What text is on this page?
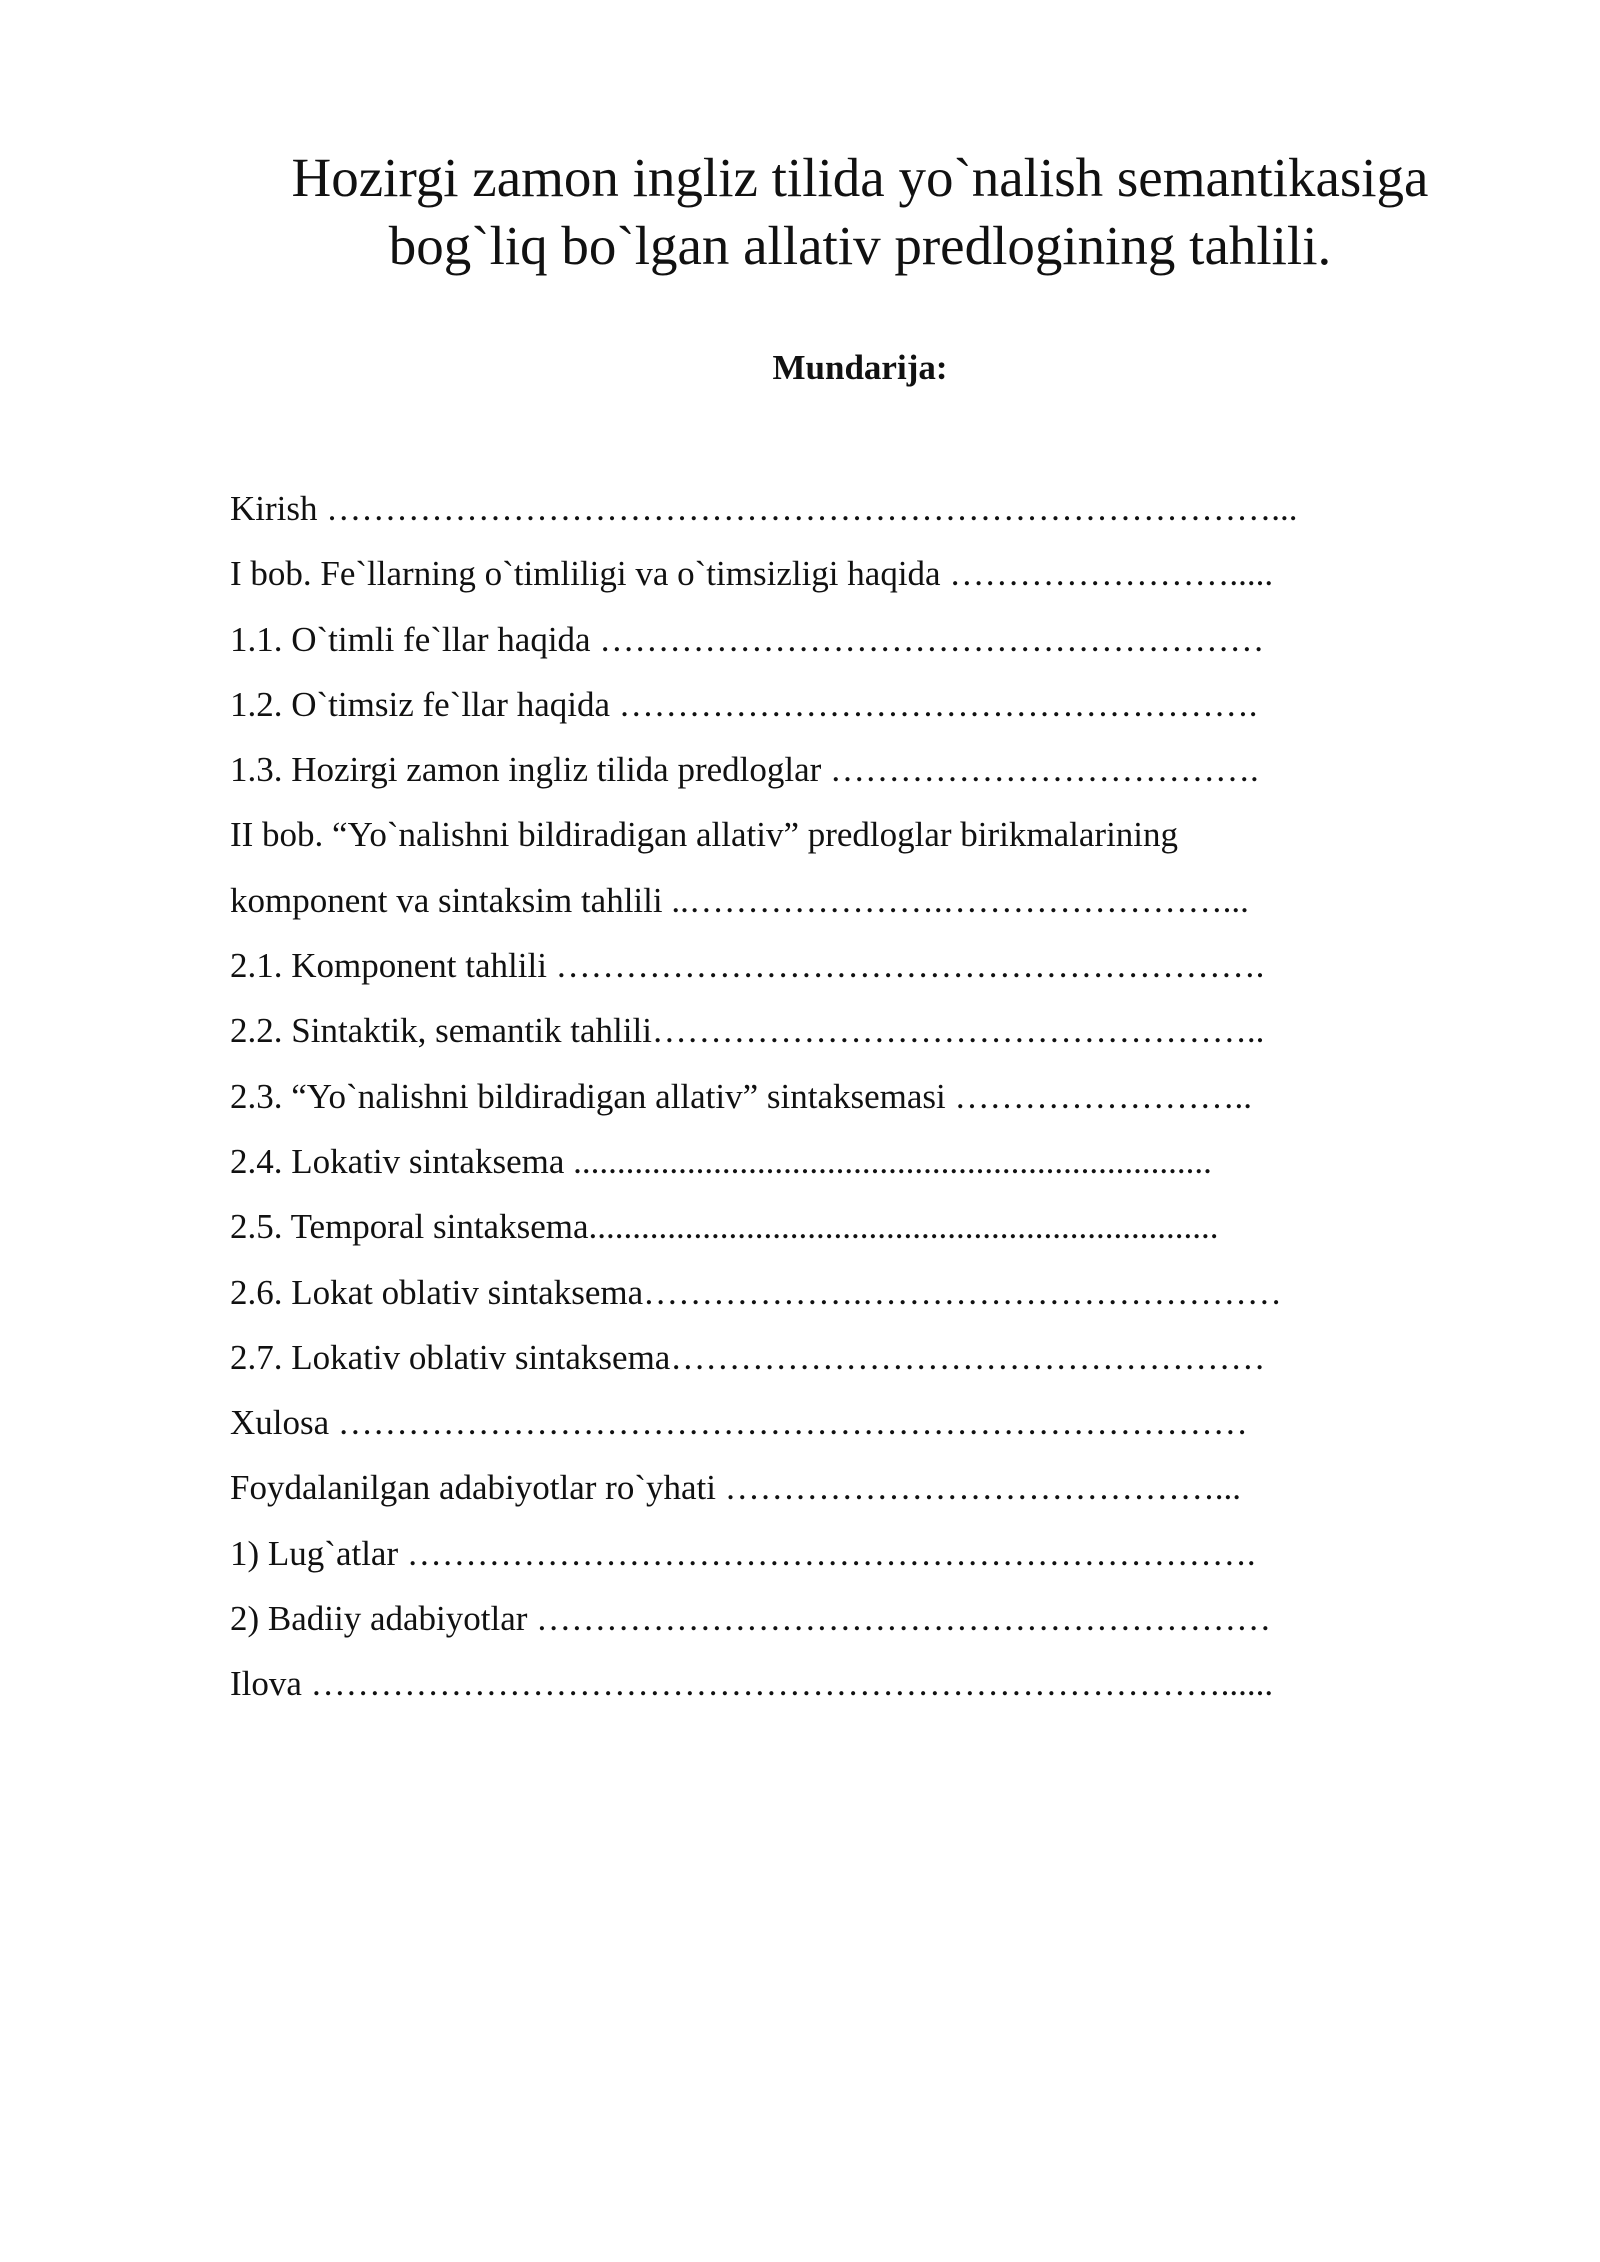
Hozirgi zamon ingliz tilida yo`nalish semantikasiga
bog`liq bo`lgan allativ predlogining tahlili.
Mundarija:
Kirish ………………………………………………………………………...
I bob. Fe`llarning o`timliligi va o`timsizligi haqida …………………….....
1.1. O`timli fe`llar haqida …………………………………………………
1.2. O`timsiz fe`llar haqida ……………………………………………….
1.3. Hozirgi zamon ingliz tilida predloglar ……………………………….
II bob. “Yo`nalishni bildiradigan allativ” predloglar birikmalarining
komponent va sintaksim tahlili ..………………….……………………...
2.1. Komponent tahlili …………………………………………………….
2.2. Sintaktik, semantik tahlili……………………………………………..
2.3. “Yo`nalishni bildiradigan allativ” sintaksemasi ……………………..
2.4. Lokativ sintaksema .........................................................................
2.5. Temporal sintaksema........................................................................
2.6. Lokat oblativ sintaksema……………….………………………………
2.7. Lokativ oblativ sintaksema……………………………………………
Xulosa ……………………………………………………………………
Foydalanilgan adabiyotlar ro`yhati ……………………………………...
1) Lug`atlar ……………………………………………………………….
2) Badiiy adabiyotlar ………………………………………………………
Ilova ……………………………………………………………………......
